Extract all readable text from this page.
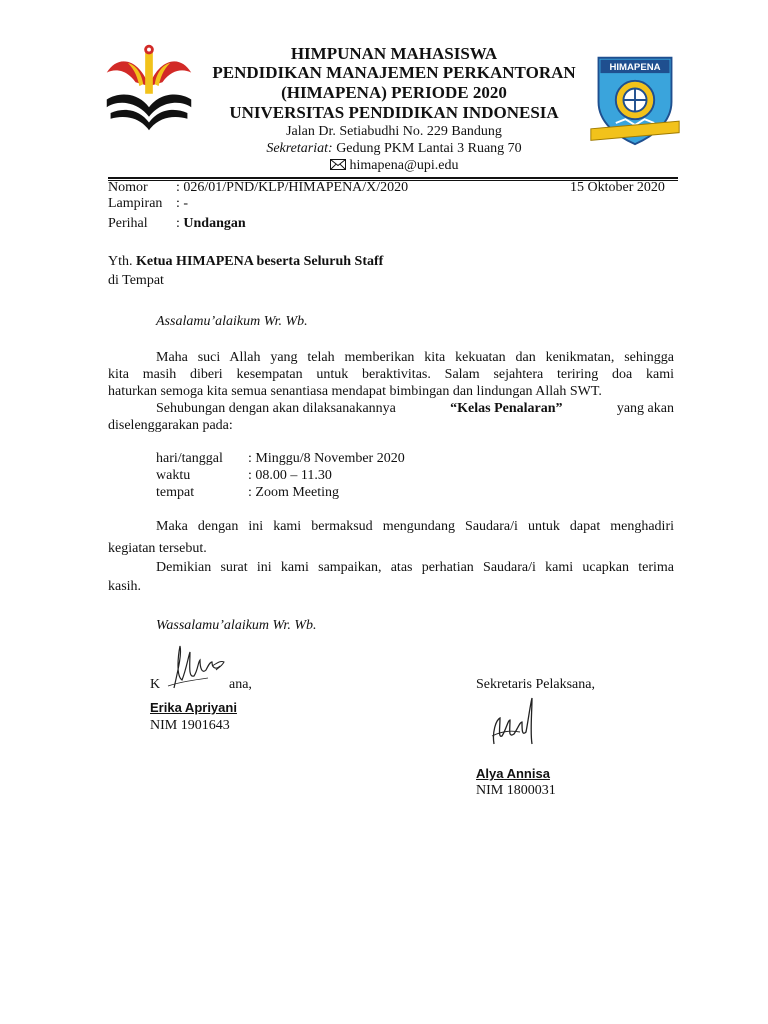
HIMPUNAN MAHASISWA
PENDIDIKAN MANAJEMEN PERKANTORAN
(HIMAPENA) PERIODE 2020
UNIVERSITAS PENDIDIKAN INDONESIA
Jalan Dr. Setiabudhi No. 229 Bandung
Sekretariat: Gedung PKM Lantai 3 Ruang 70
himapena@upi.edu
HIMAPENA
Nomor : 026/01/PND/KLP/HIMAPENA/X/2020	15 Oktober 2020
Lampiran : -
Perihal : Undangan
Yth. Ketua HIMAPENA beserta Seluruh Staff
di Tempat
Assalamu’alaikum Wr. Wb.
Maha suci Allah yang telah memberikan kita kekuatan dan kenikmatan, sehingga
kita masih diberi kesempatan untuk beraktivitas. Salam sejahtera teriring doa kami
haturkan semoga kita semua senantiasa mendapat bimbingan dan lindungan Allah SWT.
Sehubungan dengan akan dilaksanakannya	“Kelas Penalaran”	yang akan
diselenggarakan pada:
hari/tanggal : Minggu/8 November 2020
waktu	: 08.00 – 11.30
tempat	: Zoom Meeting
Maka dengan ini kami bermaksud mengundang Saudara/i untuk dapat menghadiri
kegiatan tersebut.
Demikian surat ini kami sampaikan, atas perhatian Saudara/i kami ucapkan terima
kasih.
Wassalamu’alaikum Wr. Wb.
K	ana,
Erika Apriyani
NIM 1901643
Sekretaris Pelaksana,
Alya Annisa
NIM 1800031
